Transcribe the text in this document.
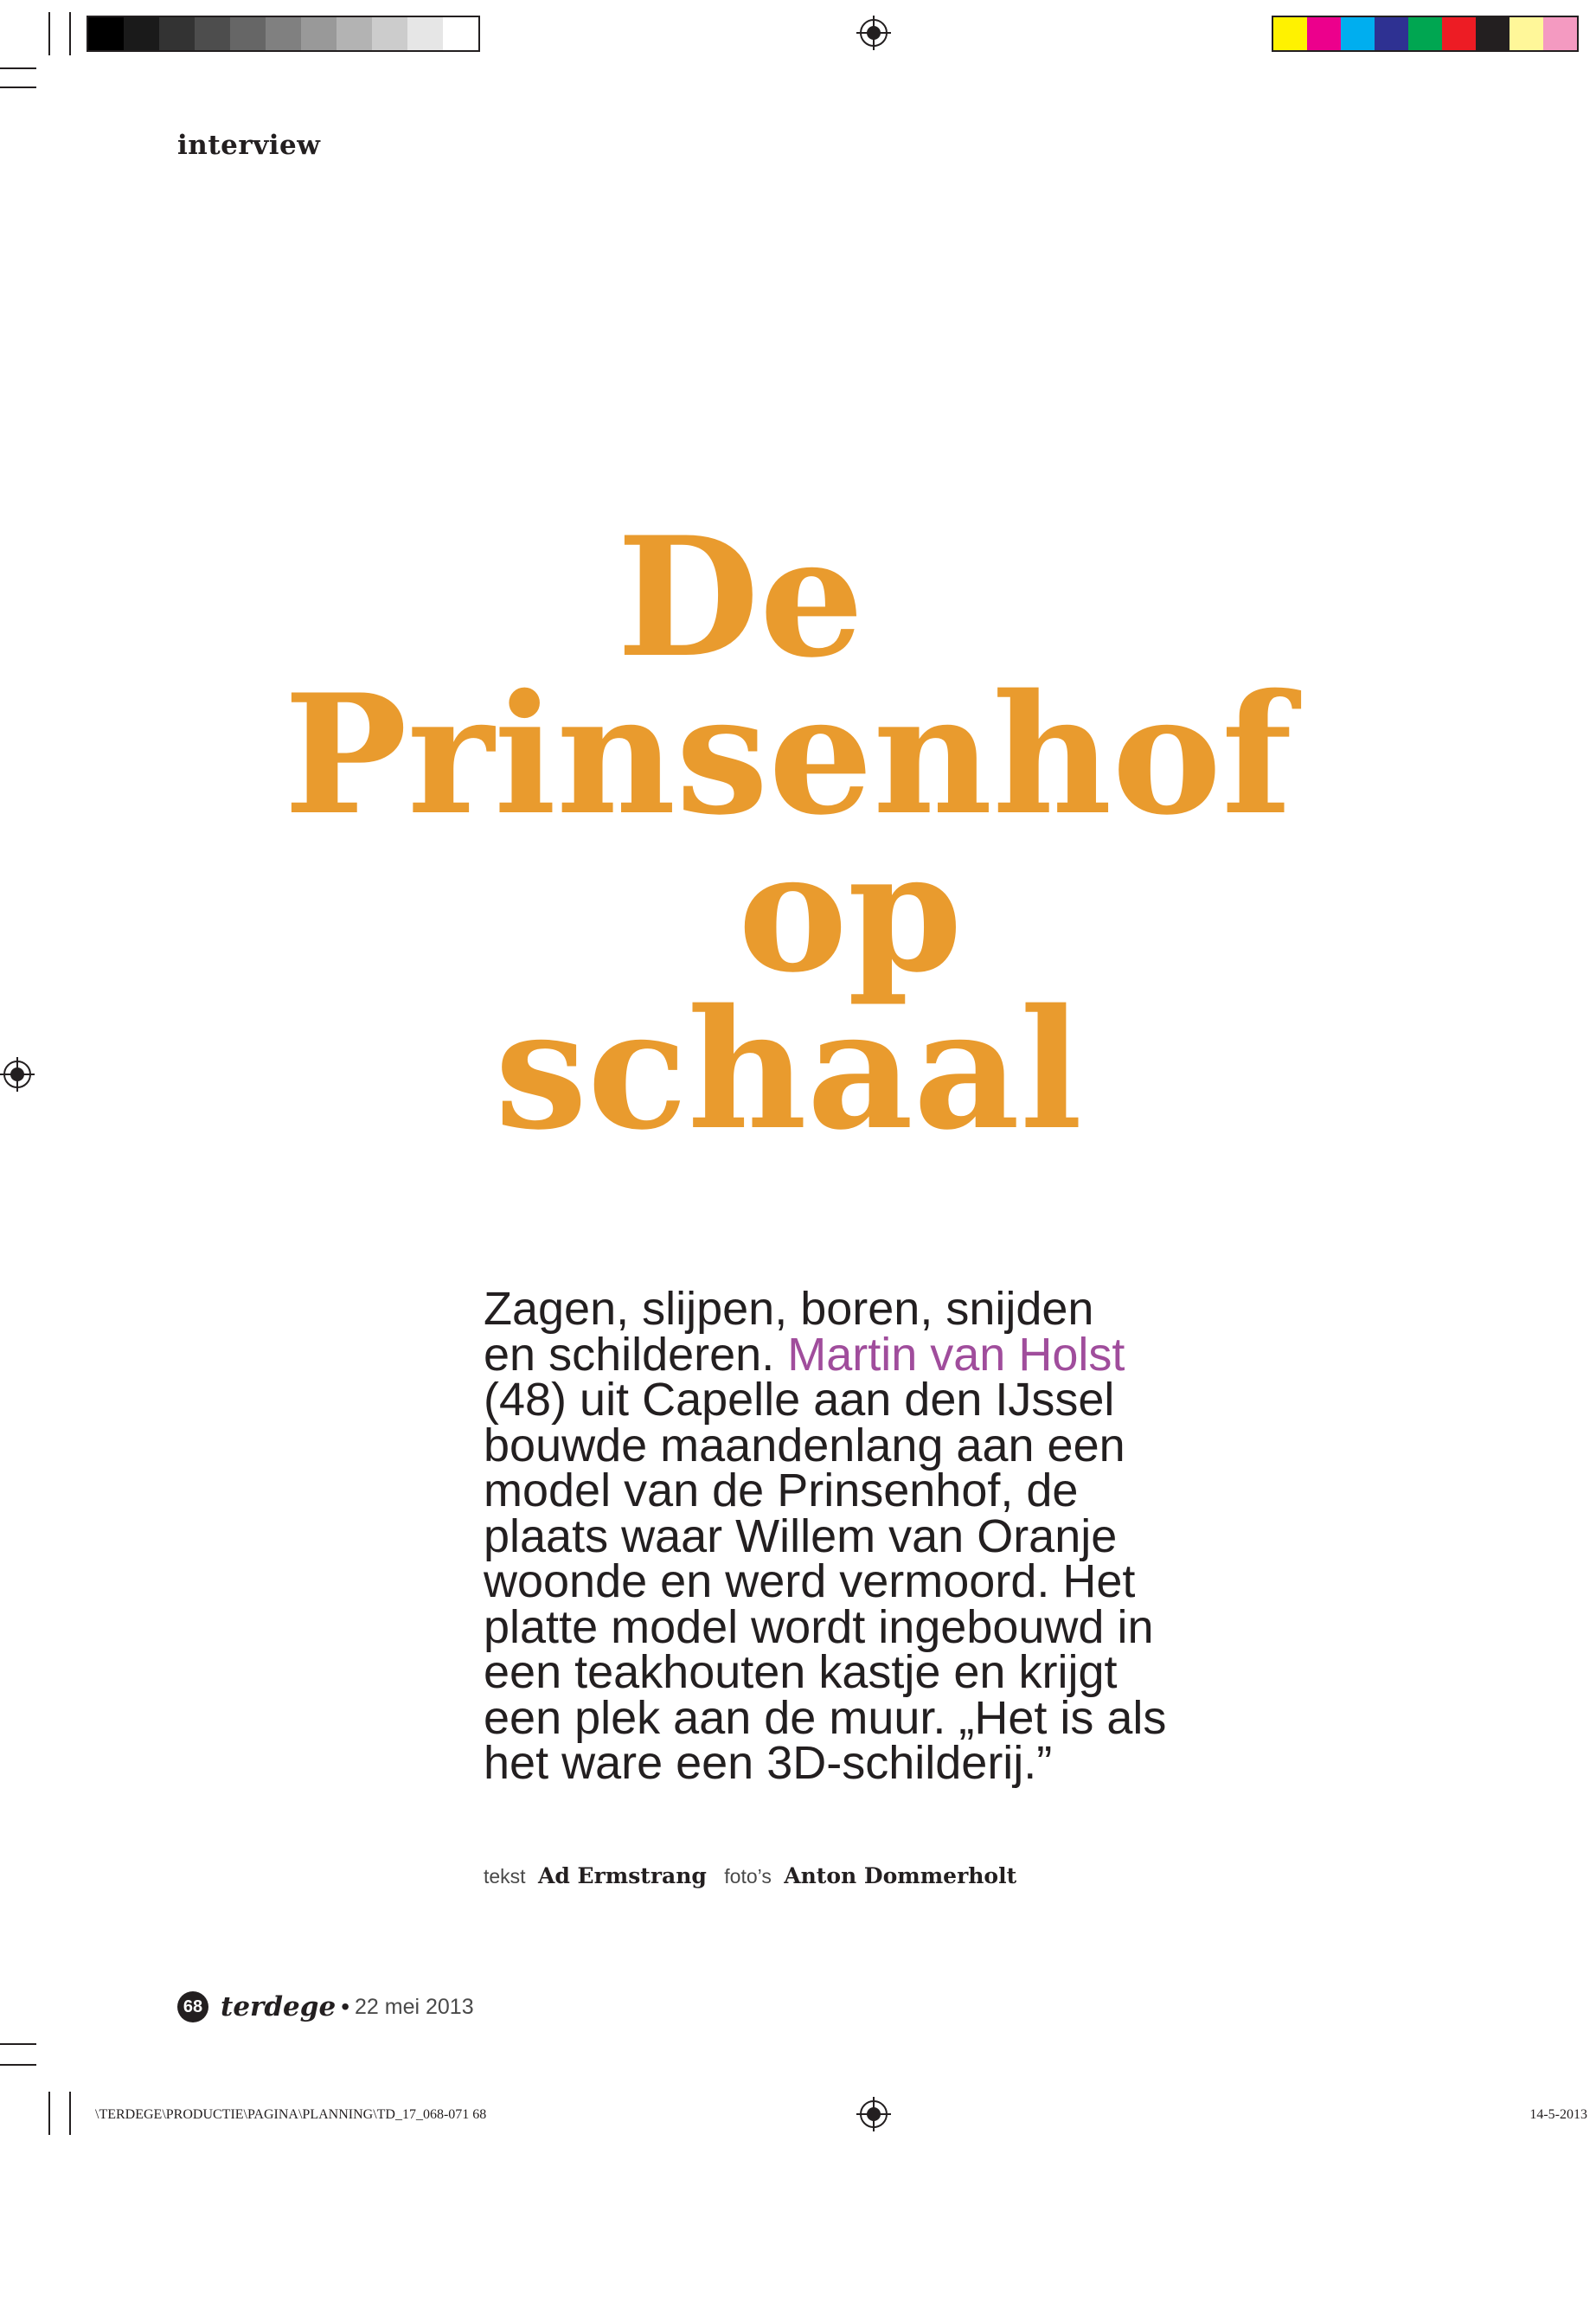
interview
De
Prinsenhof
op
schaal

Zagen, slijpen, boren, snijden
en schilderen. Martin van Holst
(48) uit Capelle aan den IJssel
bouwde maandenlang aan een
model van de Prinsenhof, de
plaats waar Willem van Oranje
woonde en werd vermoord. Het
platte model wordt ingebouwd in
een teakhouten kastje en krijgt
een plek aan de muur. „Het is als
het ware een 3D-schilderij.”

tekst Ad Ermstrang foto’s Anton Dommerholt
68 terdege • 22 mei 2013
\TERDEGE\PRODUCTIE\PAGINA\PLANNING\TD_17_068-071 68	14-5-2013
